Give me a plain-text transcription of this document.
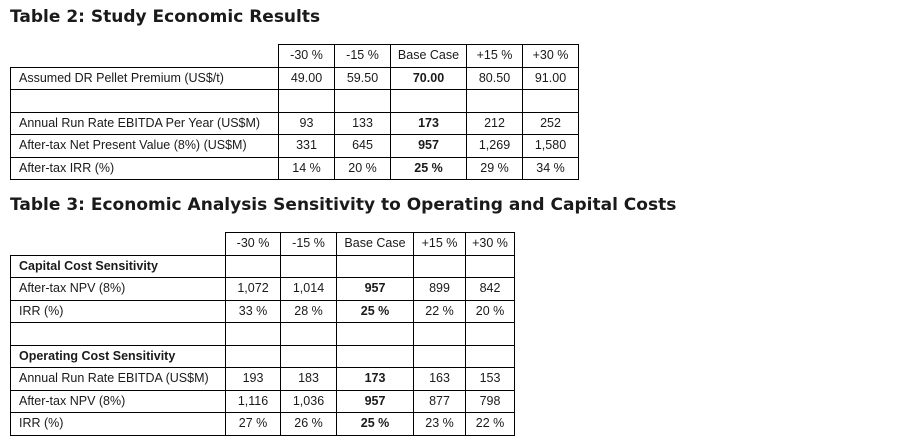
Table 2: Study Economic Results
	-30 %	-15 %	Base Case	+15 %	+30 %
Assumed DR Pellet Premium (US$/t)	49.00	59.50	70.00	80.50	91.00

Annual Run Rate EBITDA Per Year (US$M)	93	133	173	212	252
After-tax Net Present Value (8%) (US$M)	331	645	957	1,269	1,580
After-tax IRR (%)	14 %	20 %	25 %	29 %	34 %
Table 3: Economic Analysis Sensitivity to Operating and Capital Costs
	-30 %	-15 %	Base Case	+15 %	+30 %
Capital Cost Sensitivity					
After-tax NPV (8%)	1,072	1,014	957	899	842
IRR (%)	33 %	28 %	25 %	22 %	20 %

Operating Cost Sensitivity					
Annual Run Rate EBITDA (US$M)	193	183	173	163	153
After-tax NPV (8%)	1,116	1,036	957	877	798
IRR (%)	27 %	26 %	25 %	23 %	22 %
